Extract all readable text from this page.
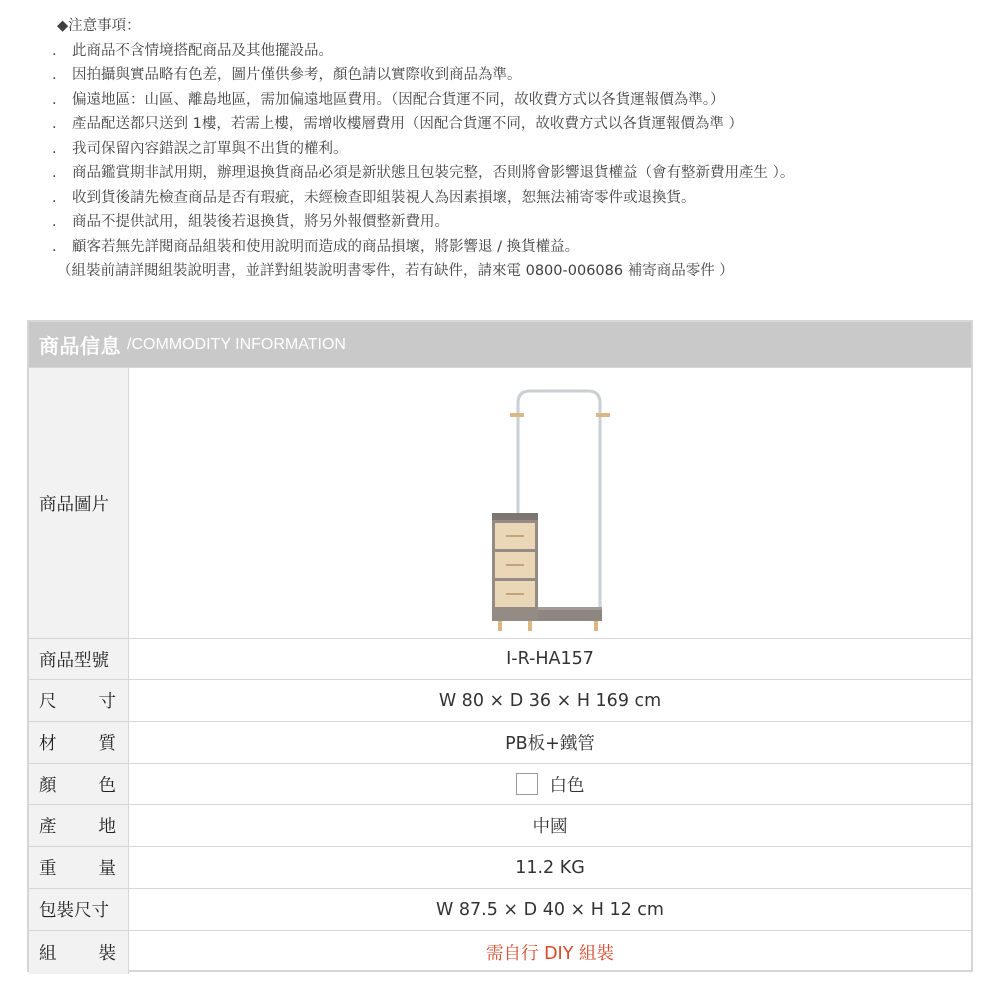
◆注意事項：
. 此商品不含情境搭配商品及其他擺設品。
. 因拍攝與實品略有色差，圖片僅供參考，顏色請以實際收到商品為準。
. 偏遠地區：山區、離島地區，需加偏遠地區費用。（因配合貨運不同，故收費方式以各貨運報價為準。）
. 產品配送都只送到 1樓，若需上樓，需增收樓層費用（因配合貨運不同，故收費方式以各貨運報價為準 ）
. 我司保留內容錯誤之訂單與不出貨的權利。
. 商品鑑賞期非試用期，辦理退換貨商品必須是新狀態且包裝完整，否則將會影響退貨權益（會有整新費用產生 ）。
. 收到貨後請先檢查商品是否有瑕疵，未經檢查即組裝視人為因素損壞，恕無法補寄零件或退換貨。
. 商品不提供試用，組裝後若退換貨，將另外報價整新費用。
. 顧客若無先詳閱商品組裝和使用說明而造成的商品損壞，將影響退 / 換貨權益。
（組裝前請詳閱組裝說明書，並詳對組裝說明書零件，若有缺件，請來電 0800-006086 補寄商品零件 ）
商品信息 /COMMODITY INFORMATION
商品圖片
商品型號	I-R-HA157
尺 寸	W 80 × D 36 × H 169 cm
材 質	PB板+鐵管
顏 色	白色
產 地	中國
重 量	11.2 KG
包裝尺寸	W 87.5 × D 40 × H 12 cm
組 裝	需自行 DIY 組裝
